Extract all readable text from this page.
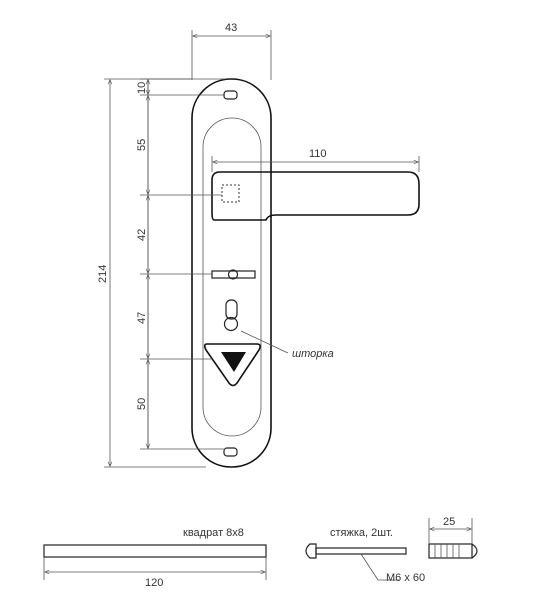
шторка
43
110
10
55
42
47
50
214
квадрат 8x8
120
стяжка, 2шт.
M6 x 60
25
